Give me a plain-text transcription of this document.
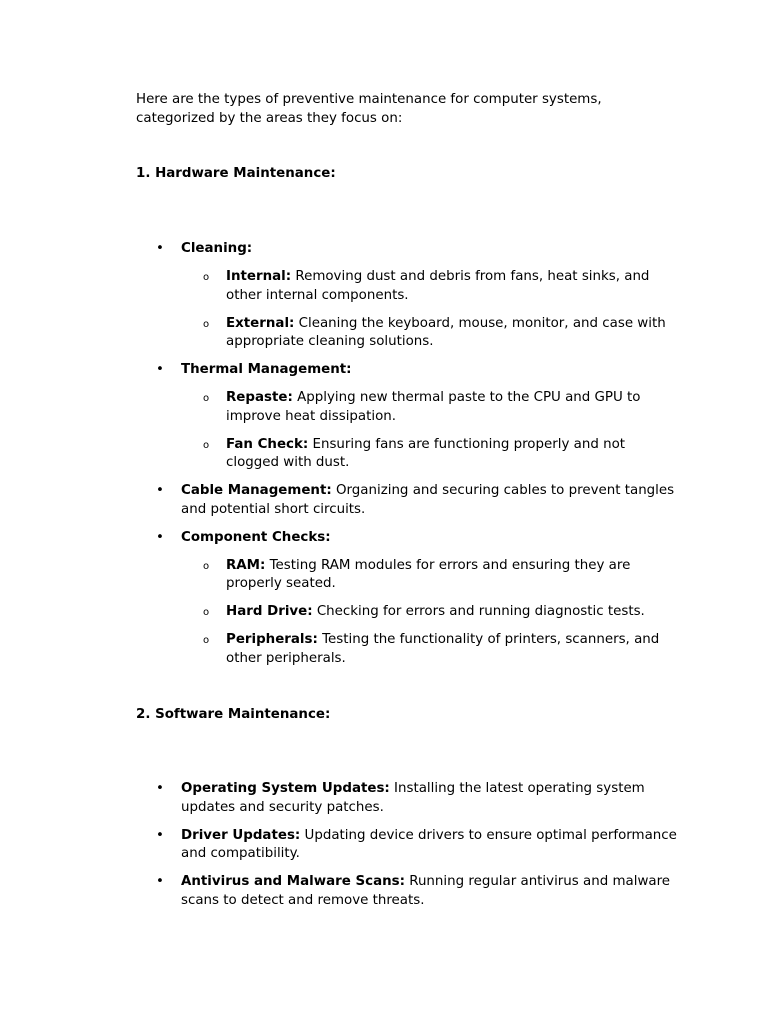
Here are the types of preventive maintenance for computer systems, categorized by the areas they focus on:
1. Hardware Maintenance:
• Cleaning:
o Internal: Removing dust and debris from fans, heat sinks, and other internal components.
o External: Cleaning the keyboard, mouse, monitor, and case with appropriate cleaning solutions.
• Thermal Management:
o Repaste: Applying new thermal paste to the CPU and GPU to improve heat dissipation.
o Fan Check: Ensuring fans are functioning properly and not clogged with dust.
• Cable Management: Organizing and securing cables to prevent tangles and potential short circuits.
• Component Checks:
o RAM: Testing RAM modules for errors and ensuring they are properly seated.
o Hard Drive: Checking for errors and running diagnostic tests.
o Peripherals: Testing the functionality of printers, scanners, and other peripherals.
2. Software Maintenance:
• Operating System Updates: Installing the latest operating system updates and security patches.
• Driver Updates: Updating device drivers to ensure optimal performance and compatibility.
• Antivirus and Malware Scans: Running regular antivirus and malware scans to detect and remove threats.
